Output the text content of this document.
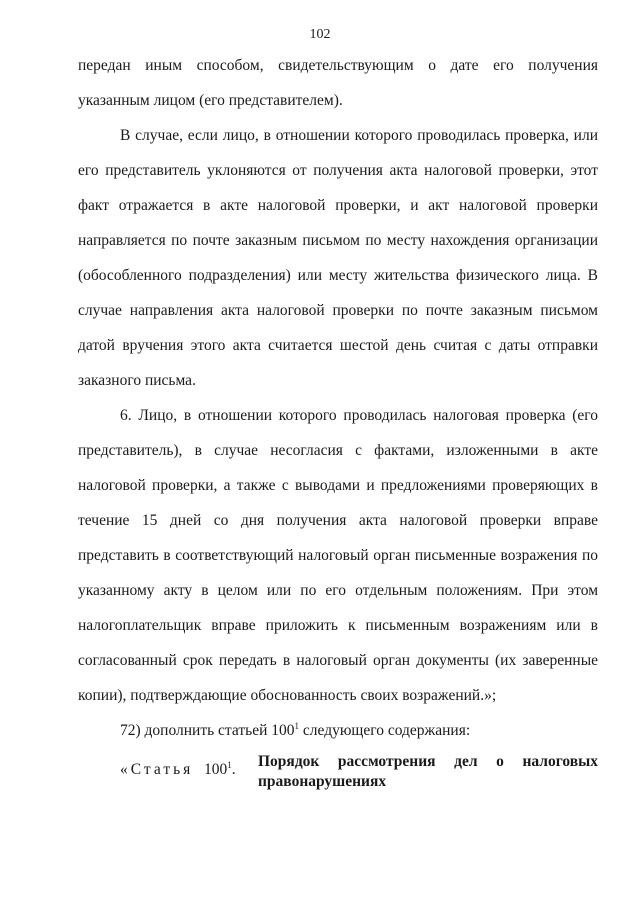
102

передан иным способом, свидетельствующим о дате его получения указанным лицом (его представителем).

В случае, если лицо, в отношении которого проводилась проверка, или его представитель уклоняются от получения акта налоговой проверки, этот факт отражается в акте налоговой проверки, и акт налоговой проверки направляется по почте заказным письмом по месту нахождения организации (обособленного подразделения) или месту жительства физического лица. В случае направления акта налоговой проверки по почте заказным письмом датой вручения этого акта считается шестой день считая с даты отправки заказного письма.

6. Лицо, в отношении которого проводилась налоговая проверка (его представитель), в случае несогласия с фактами, изложенными в акте налоговой проверки, а также с выводами и предложениями проверяющих в течение 15 дней со дня получения акта налоговой проверки вправе представить в соответствующий налоговый орган письменные возражения по указанному акту в целом или по его отдельным положениям. При этом налогоплательщик вправе приложить к письменным возражениям или в согласованный срок передать в налоговый орган документы (их заверенные копии), подтверждающие обоснованность своих возражений.»;

72) дополнить статьей $100^1$ следующего содержания:

«Статья $100^1$. Порядок рассмотрения дел о налоговых правонарушениях
